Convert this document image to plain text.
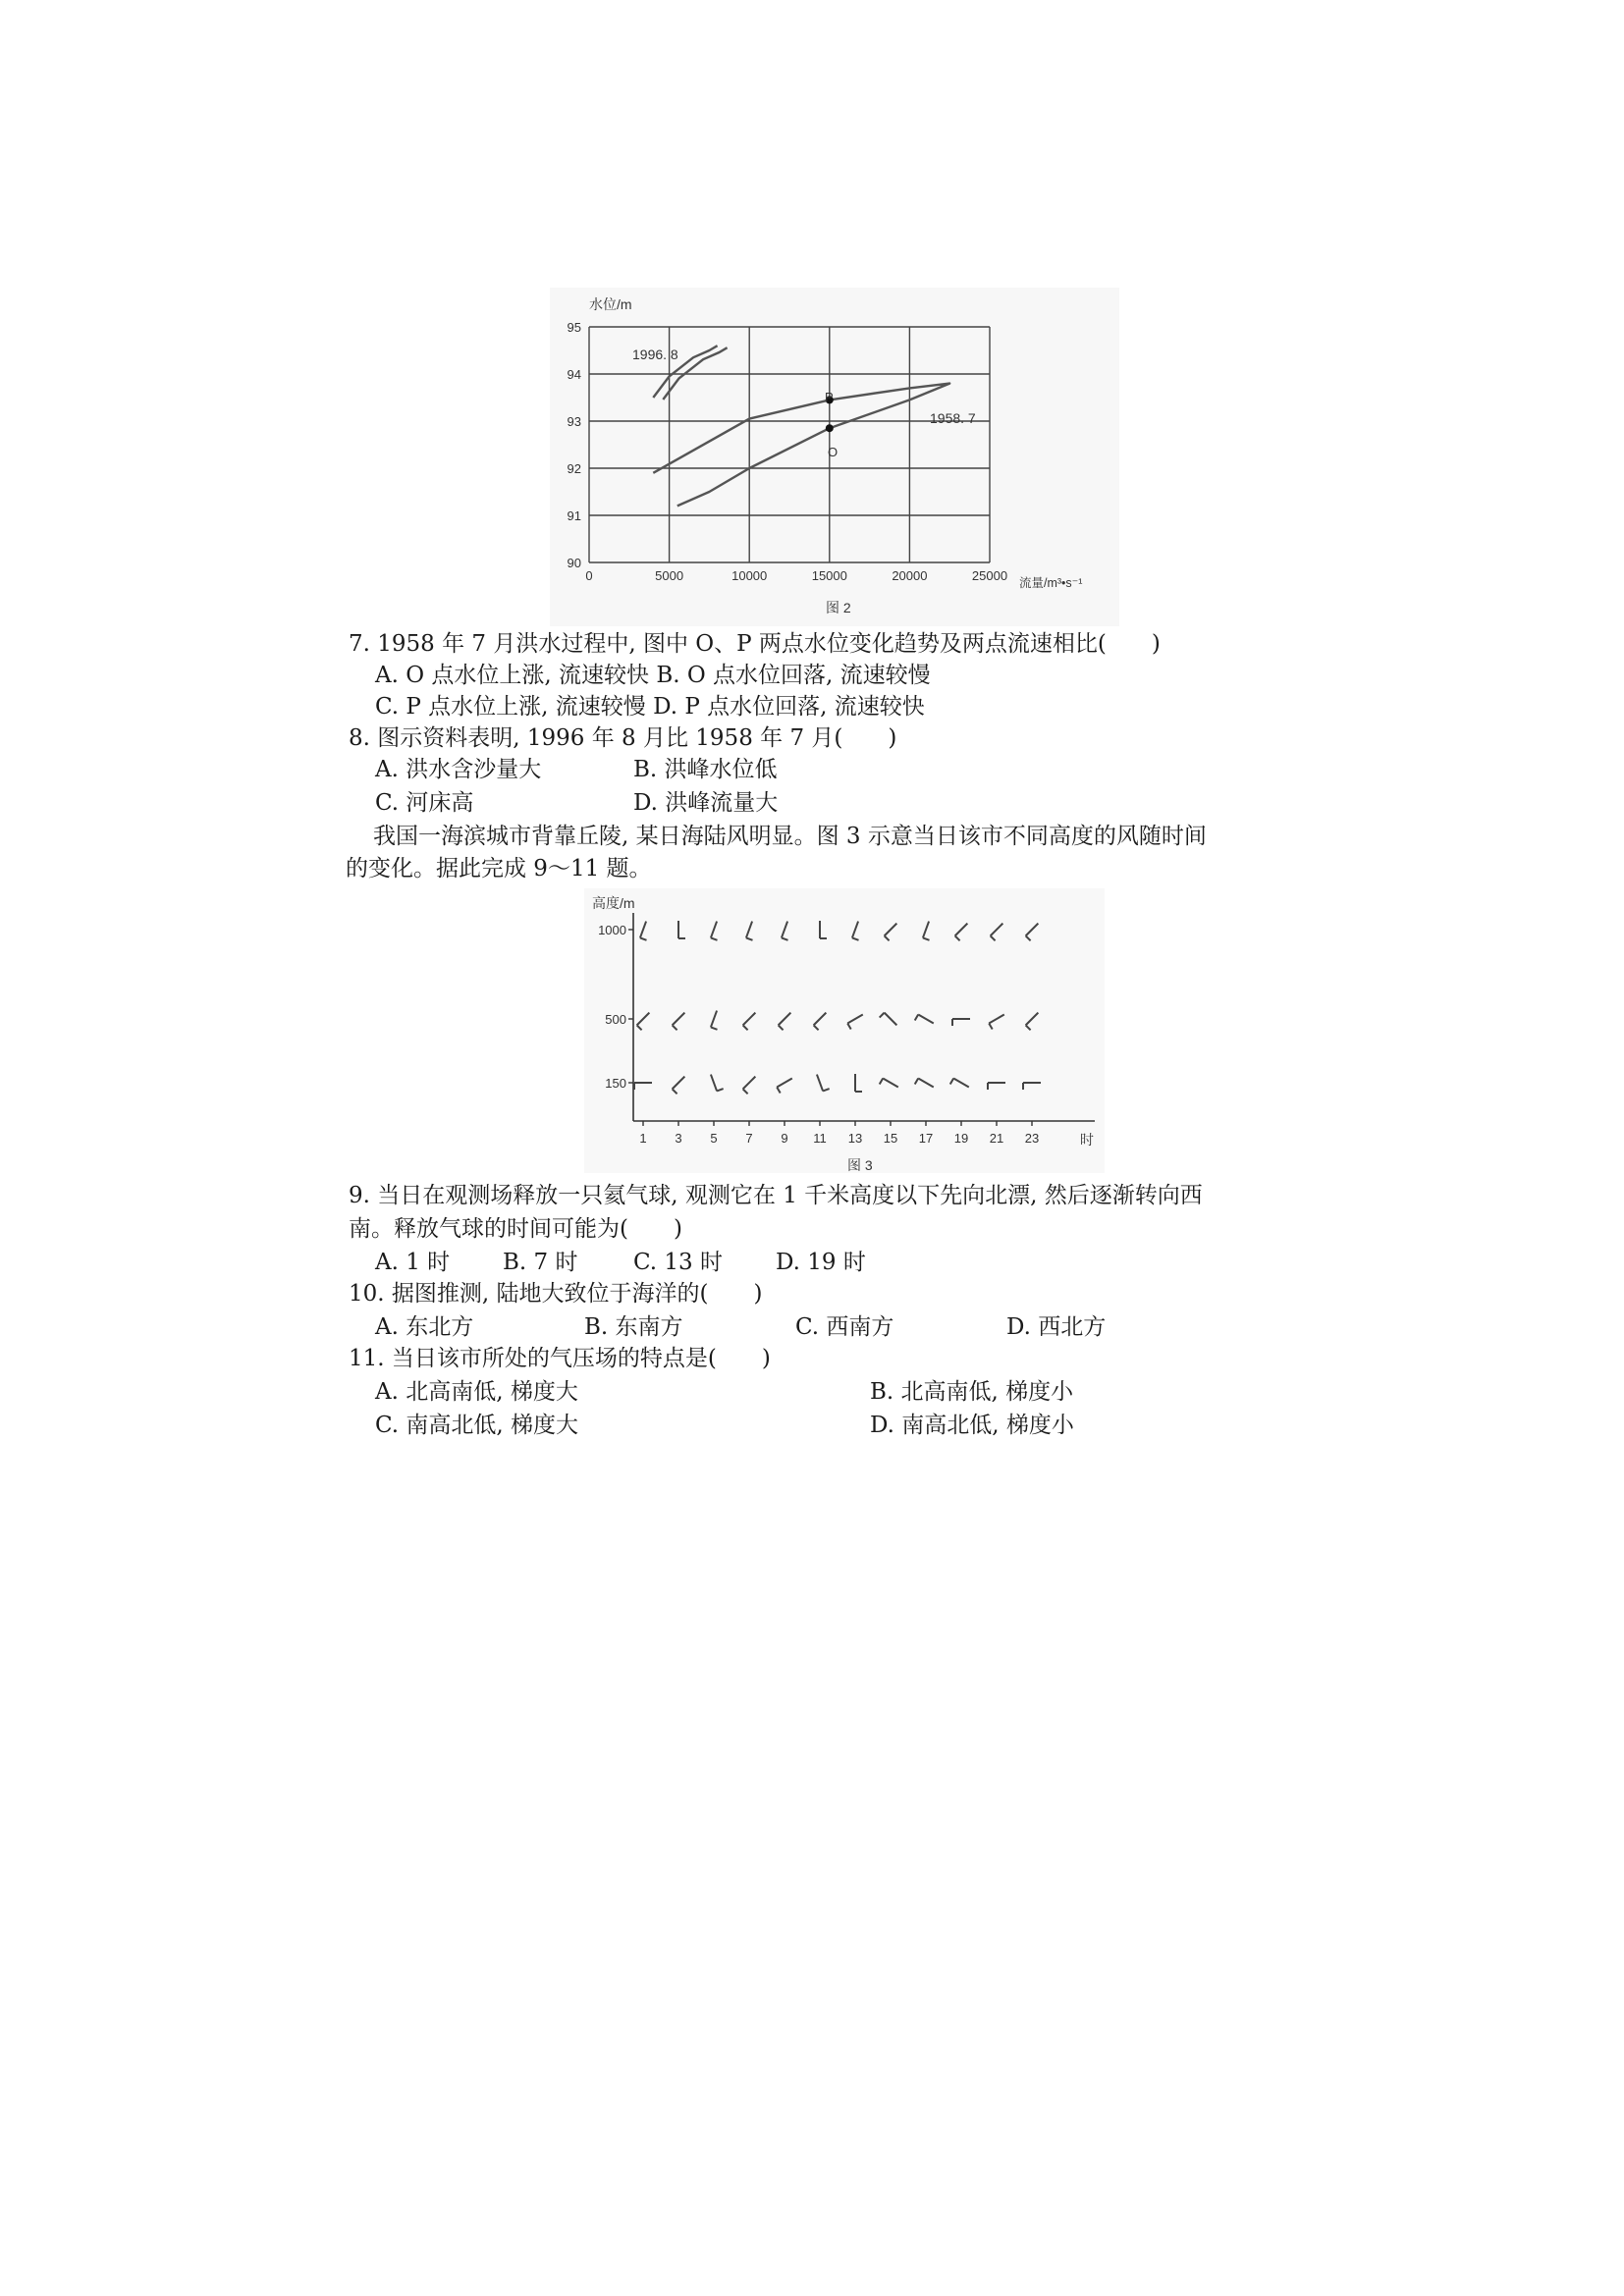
0	5000	10000	15000	20000	25000
90
91
92
93
94
95
水位/m
流量/m³•s⁻¹
1996. 8
1958. 7
P
O
图 2
7. 1958 年 7 月洪水过程中, 图中 O、P 两点水位变化趋势及两点流速相比(　　)
A. O 点水位上涨, 流速较快 B. O 点水位回落, 流速较慢
C. P 点水位上涨, 流速较慢 D. P 点水位回落, 流速较快
8. 图示资料表明, 1996 年 8 月比 1958 年 7 月(　　)
A. 洪水含沙量大	B. 洪峰水位低
C. 河床高	D. 洪峰流量大
我国一海滨城市背靠丘陵, 某日海陆风明显。图 3 示意当日该市不同高度的风随时间
的变化。据此完成 9～11 题。
高度/m
1000
500
150
1 3 5 7 9 11 13 15 17 19 21 23	时
图 3
9. 当日在观测场释放一只氦气球, 观测它在 1 千米高度以下先向北漂, 然后逐渐转向西
南。释放气球的时间可能为(　　)
A. 1 时 B. 7 时 C. 13 时 D. 19 时
10. 据图推测, 陆地大致位于海洋的(　　)
A. 东北方	B. 东南方	C. 西南方	D. 西北方
11. 当日该市所处的气压场的特点是(　　)
A. 北高南低, 梯度大	B. 北高南低, 梯度小
C. 南高北低, 梯度大	D. 南高北低, 梯度小
